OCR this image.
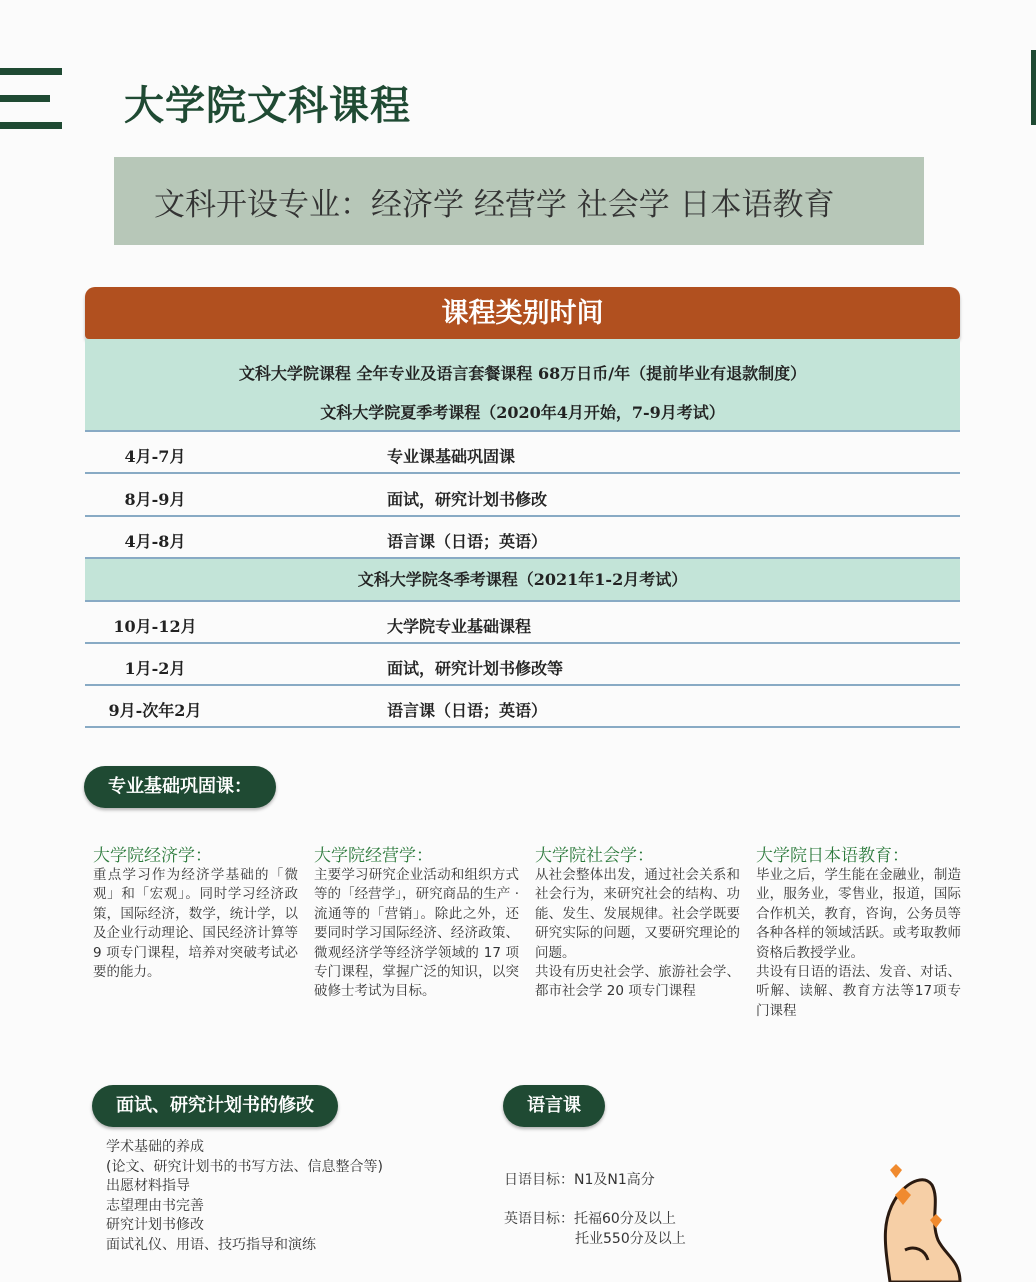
大学院文科课程
文科开设专业：经济学 经营学 社会学 日本语教育
课程类别时间
文科大学院课程 全年专业及语言套餐课程 68万日币/年（提前毕业有退款制度）
文科大学院夏季考课程（2020年4月开始，7-9月考试）
4月-7月	专业课基础巩固课
8月-9月	面试，研究计划书修改
4月-8月	语言课（日语；英语）
文科大学院冬季考课程（2021年1-2月考试）
10月-12月	大学院专业基础课程
1月-2月	面试，研究计划书修改等
9月-次年2月	语言课（日语；英语）
专业基础巩固课：
大学院经济学：

重点学习作为经济学基础的「微观」和「宏观」。同时学习经济政策，国际经济，数学，统计学，以及企业行动理论、国民经济计算等 9 项专门课程，培养对突破考试必要的能力。

大学院经营学：

主要学习研究企业活动和组织方式等的「经营学」，研究商品的生产 · 流通等的「营销」。除此之外，还要同时学习国际经济、经济政策、微观经济学等经济学领域的 17 项专门课程，掌握广泛的知识，以突破修士考试为目标。

大学院社会学：

从社会整体出发，通过社会关系和社会行为，来研究社会的结构、功能、发生、发展规律。社会学既要研究实际的问题，又要研究理论的问题。
共设有历史社会学、旅游社会学、都市社会学 20 项专门课程

大学院日本语教育：

毕业之后，学生能在金融业，制造业，服务业，零售业，报道，国际合作机关，教育，咨询，公务员等各种各样的领域活跃。或考取教师资格后教授学业。
共设有日语的语法、发音、对话、听解、读解、教育方法等17项专门课程

面试、研究计划书的修改	语言课
学术基础的养成
(论文、研究计划书的书写方法、信息整合等)
出愿材料指导
志望理由书完善
研究计划书修改
面试礼仪、用语、技巧指导和演练
日语目标：N1及N1高分
英语目标：托福60分及以上
托业550分及以上
